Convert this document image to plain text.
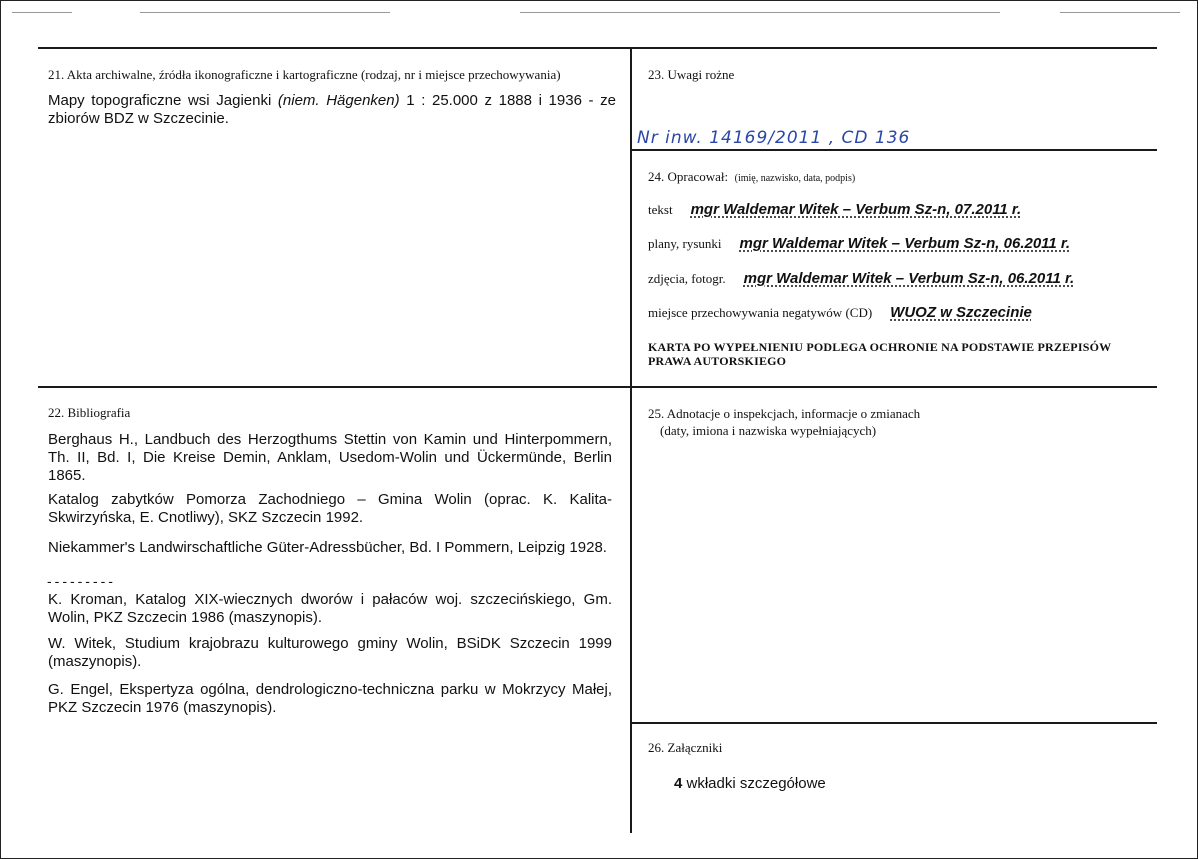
21. Akta archiwalne, źródła ikonograficzne i kartograficzne (rodzaj, nr i miejsce przechowywania)
Mapy topograficzne wsi Jagienki (niem. Hägenken) 1 : 25.000 z 1888 i 1936 - ze zbiorów BDZ w Szczecinie.
22. Bibliografia
Berghaus H., Landbuch des Herzogthums Stettin von Kamin und Hinterpommern, Th. II, Bd. I, Die Kreise Demin, Anklam, Usedom-Wolin und Ückermünde, Berlin 1865.
Katalog zabytków Pomorza Zachodniego – Gmina Wolin (oprac. K. Kalita-Skwirzyńska, E. Cnotliwy), SKZ Szczecin 1992.
Niekammer's Landwirschaftliche Güter-Adressbücher, Bd. I Pommern, Leipzig 1928.
---------
K. Kroman, Katalog XIX-wiecznych dworów i pałaców woj. szczecińskiego, Gm. Wolin, PKZ Szczecin 1986 (maszynopis).
W. Witek, Studium krajobrazu kulturowego gminy Wolin, BSiDK Szczecin 1999 (maszynopis).
G. Engel, Ekspertyza ogólna, dendrologiczno-techniczna parku w Mokrzycy Małej, PKZ Szczecin 1976 (maszynopis).
23. Uwagi rożne
Nr inw. 14169/2011 , CD 136
24. Opracował: (imię, nazwisko, data, podpis)
tekst mgr Waldemar Witek – Verbum Sz-n, 07.2011 r.
plany, rysunki mgr Waldemar Witek – Verbum Sz-n, 06.2011 r.
zdjęcia, fotogr. mgr Waldemar Witek – Verbum Sz-n, 06.2011 r.
miejsce przechowywania negatywów (CD) WUOZ w Szczecinie
KARTA PO WYPEŁNIENIU PODLEGA OCHRONIE NA PODSTAWIE PRZEPISÓW PRAWA AUTORSKIEGO
25. Adnotacje o inspekcjach, informacje o zmianach
(daty, imiona i nazwiska wypełniających)
26. Załączniki
4 wkładki szczegółowe
